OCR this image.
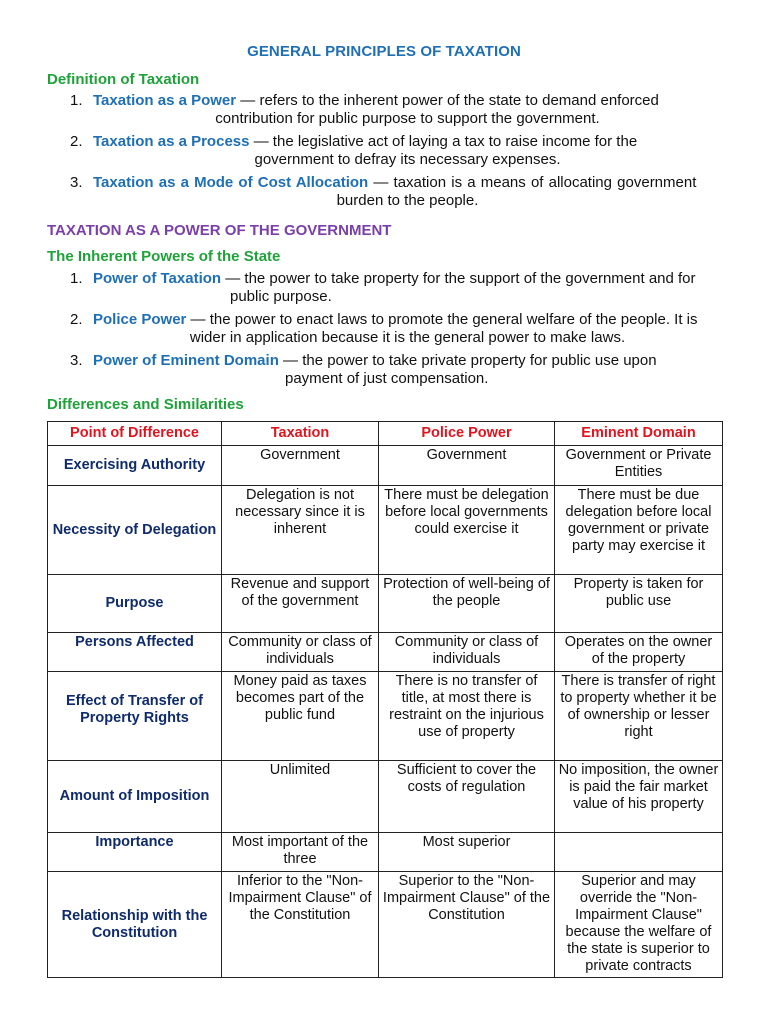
GENERAL PRINCIPLES OF TAXATION
Definition of Taxation
1. Taxation as a Power — refers to the inherent power of the state to demand enforced
contribution for public purpose to support the government.
2. Taxation as a Process — the legislative act of laying a tax to raise income for the
government to defray its necessary expenses.
3. Taxation as a Mode of Cost Allocation — taxation is a means of allocating government
burden to the people.
TAXATION AS A POWER OF THE GOVERNMENT
The Inherent Powers of the State
1. Power of Taxation — the power to take property for the support of the government and for
public purpose.
2. Police Power — the power to enact laws to promote the general welfare of the people. It is
wider in application because it is the general power to make laws.
3. Power of Eminent Domain — the power to take private property for public use upon
payment of just compensation.
Differences and Similarities
Point of Difference	Taxation	Police Power	Eminent Domain
Exercising Authority	Government	Government	Government or Private Entities
Necessity of Delegation	Delegation is not necessary since it is inherent	There must be delegation before local governments could exercise it	There must be due delegation before local government or private party may exercise it
Purpose	Revenue and support of the government	Protection of well-being of the people	Property is taken for public use
Persons Affected	Community or class of individuals	Community or class of individuals	Operates on the owner of the property
Effect of Transfer of Property Rights	Money paid as taxes becomes part of the public fund	There is no transfer of title, at most there is restraint on the injurious use of property	There is transfer of right to property whether it be of ownership or lesser right
Amount of Imposition	Unlimited	Sufficient to cover the costs of regulation	No imposition, the owner is paid the fair market value of his property
Importance	Most important of the three	Most superior	
Relationship with the Constitution	Inferior to the "Non-Impairment Clause" of the Constitution	Superior to the "Non-Impairment Clause" of the Constitution	Superior and may override the "Non-Impairment Clause" because the welfare of the state is superior to private contracts
